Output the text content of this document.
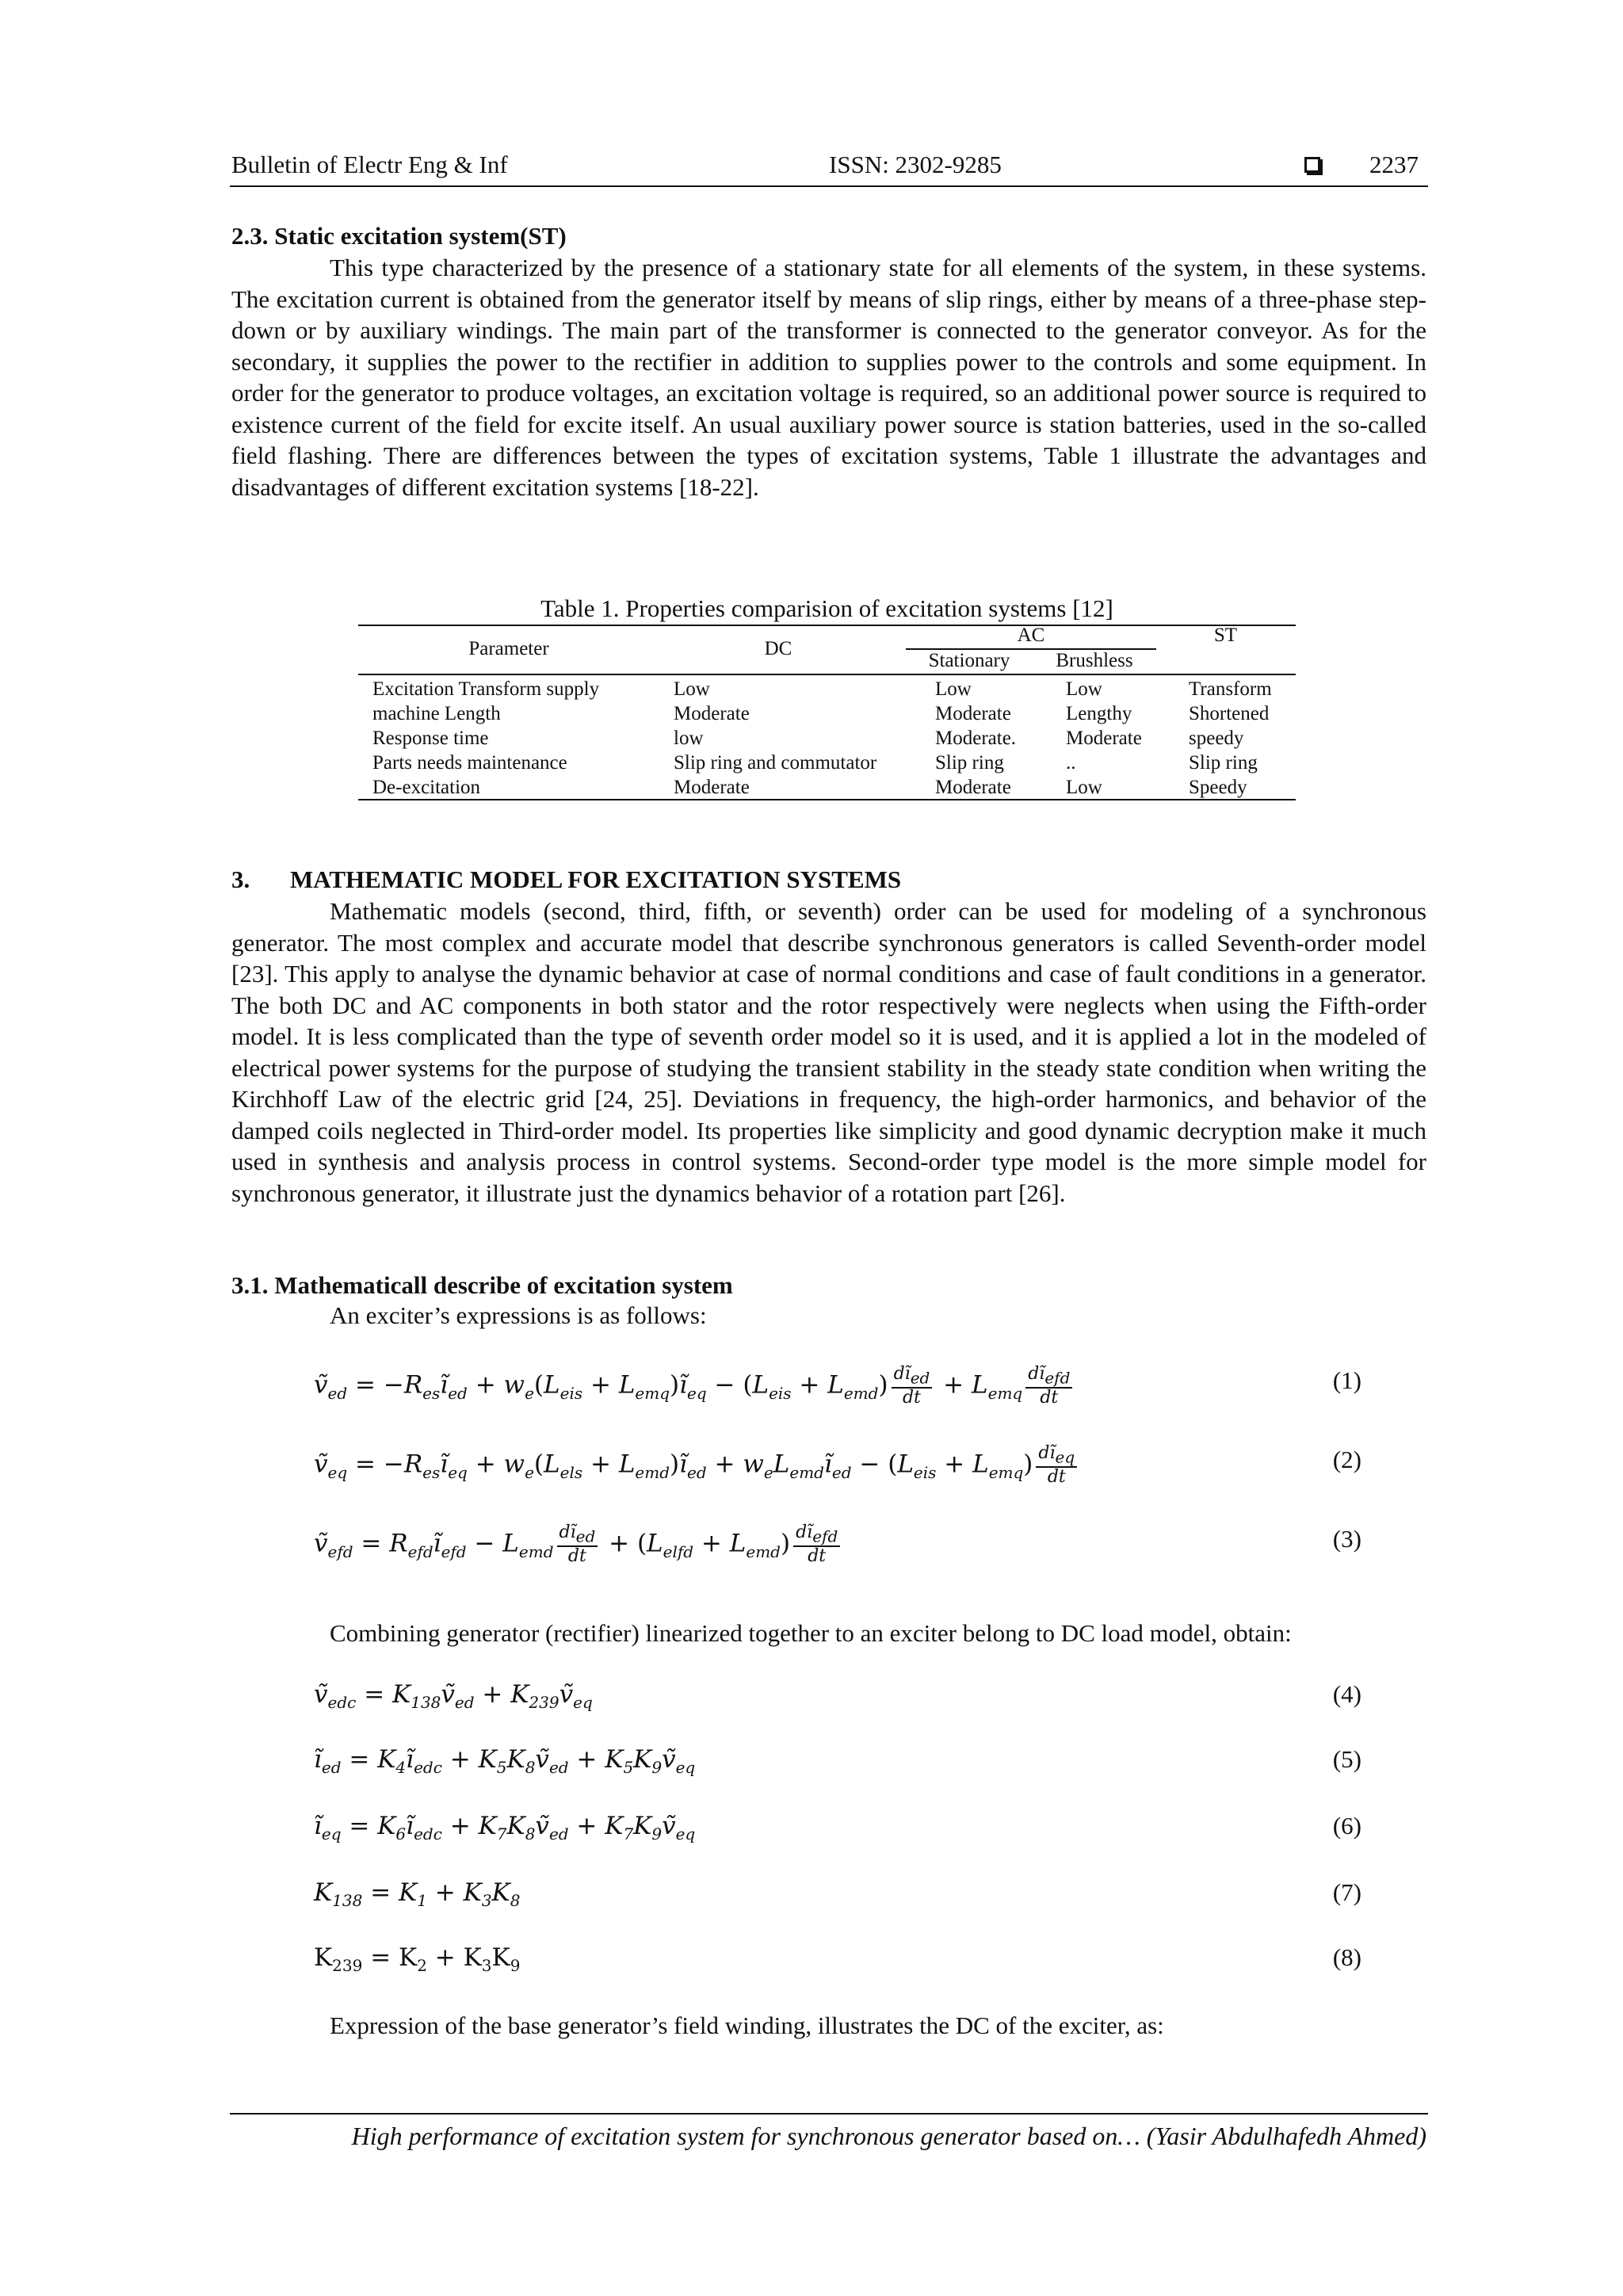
Bulletin of Electr Eng & Inf	ISSN: 2302-9285	2237
2.3. Static excitation system(ST)

This type characterized by the presence of a stationary state for all elements of the system, in these systems. The excitation current is obtained from the generator itself by means of slip rings, either by means of a three-phase step-down or by auxiliary windings. The main part of the transformer is connected to the generator conveyor. As for the secondary, it supplies the power to the rectifier in addition to supplies power to the controls and some equipment. In order for the generator to produce voltages, an excitation voltage is required, so an additional power source is required to existence current of the field for excite itself. An usual auxiliary power source is station batteries, used in the so-called field flashing. There are differences between the types of excitation systems, Table 1 illustrate the advantages and disadvantages of different excitation systems [18-22].

Table 1. Properties comparision of excitation systems [12]
Parameter	DC
AC	ST
Stationary	Brushless
Excitation Transform supply	Low	Low	Low	Transform
machine Length	Moderate	Moderate	Lengthy	Shortened
Response time	low	Moderate.	Moderate	speedy
Parts needs maintenance	Slip ring and commutator	Slip ring	..	Slip ring
De-excitation	Moderate	Moderate	Low	Speedy
3. MATHEMATIC MODEL FOR EXCITATION SYSTEMS

Mathematic models (second, third, fifth, or seventh) order can be used for modeling of a synchronous generator. The most complex and accurate model that describe synchronous generators is called Seventh-order model [23]. This apply to analyse the dynamic behavior at case of normal conditions and case of fault conditions in a generator. The both DC and AC components in both stator and the rotor respectively were neglects when using the Fifth-order model. It is less complicated than the type of seventh order model so it is used, and it is applied a lot in the modeled of electrical power systems for the purpose of studying the transient stability in the steady state condition when writing the Kirchhoff Law of the electric grid [24, 25]. Deviations in frequency, the high-order harmonics, and behavior of the damped coils neglected in Third-order model. Its properties like simplicity and good dynamic decryption make it much used in synthesis and analysis process in control systems. Second-order type model is the more simple model for synchronous generator, it illustrate just the dynamics behavior of a rotation part [26].

3.1. Mathematicall describe of excitation system
An exciter’s expressions is as follows:
ṽ$_{ed}$ = $-R_{es}ĩ_{ed} + w_e(L_{eis}$ + $L_{emq})ĩ_{eq} - (L_{eis} + L_{emd}) \frac{dĩ_{ed}}{dt} + L_{emq} \frac{dĩ_{efd}}{dt}$	(1)
ṽ$_{eq}$ = $-R_{es}ĩ_{eq} + w_e(L_{els}$ + $L_{emd})ĩ_{ed}$ + $w_eL_{emd}ĩ_{ed} - (L_{eis} + L_{emq}) \frac{dĩ_{eq}}{dt}$	(2)
ṽ$_{efd}$ = $R_{efd}ĩ_{efd} - L_{emd} \frac{dĩ_{ed}}{dt} + (L_{elfd} + L_{emd}) \frac{dĩ_{efd}}{dt}$	(3)
Combining generator (rectifier) linearized together to an exciter belong to DC load model, obtain:
ṽ$_{edc}$ = $K_{138}ṽ_{ed}$ + $K_{239}ṽ_{eq}$	(4)
$ĩ_{ed}$ = $K_4ĩ_{edc}$ + $K_5K_8ṽ_{ed}$ + $K_5K_9ṽ_{eq}$	(5)
$ĩ_{eq}$ = $K_6ĩ_{edc}$ + $K_7K_8ṽ_{ed}$ + $K_7K_9ṽ_{eq}$	(6)
$K_{138} = K_1 + K_3K_8$	(7)
$K_{239} = K_2 + K_3K_9$	(8)
Expression of the base generator’s field winding, illustrates the DC of the exciter, as:
High performance of excitation system for synchronous generator based on… (Yasir Abdulhafedh Ahmed)
